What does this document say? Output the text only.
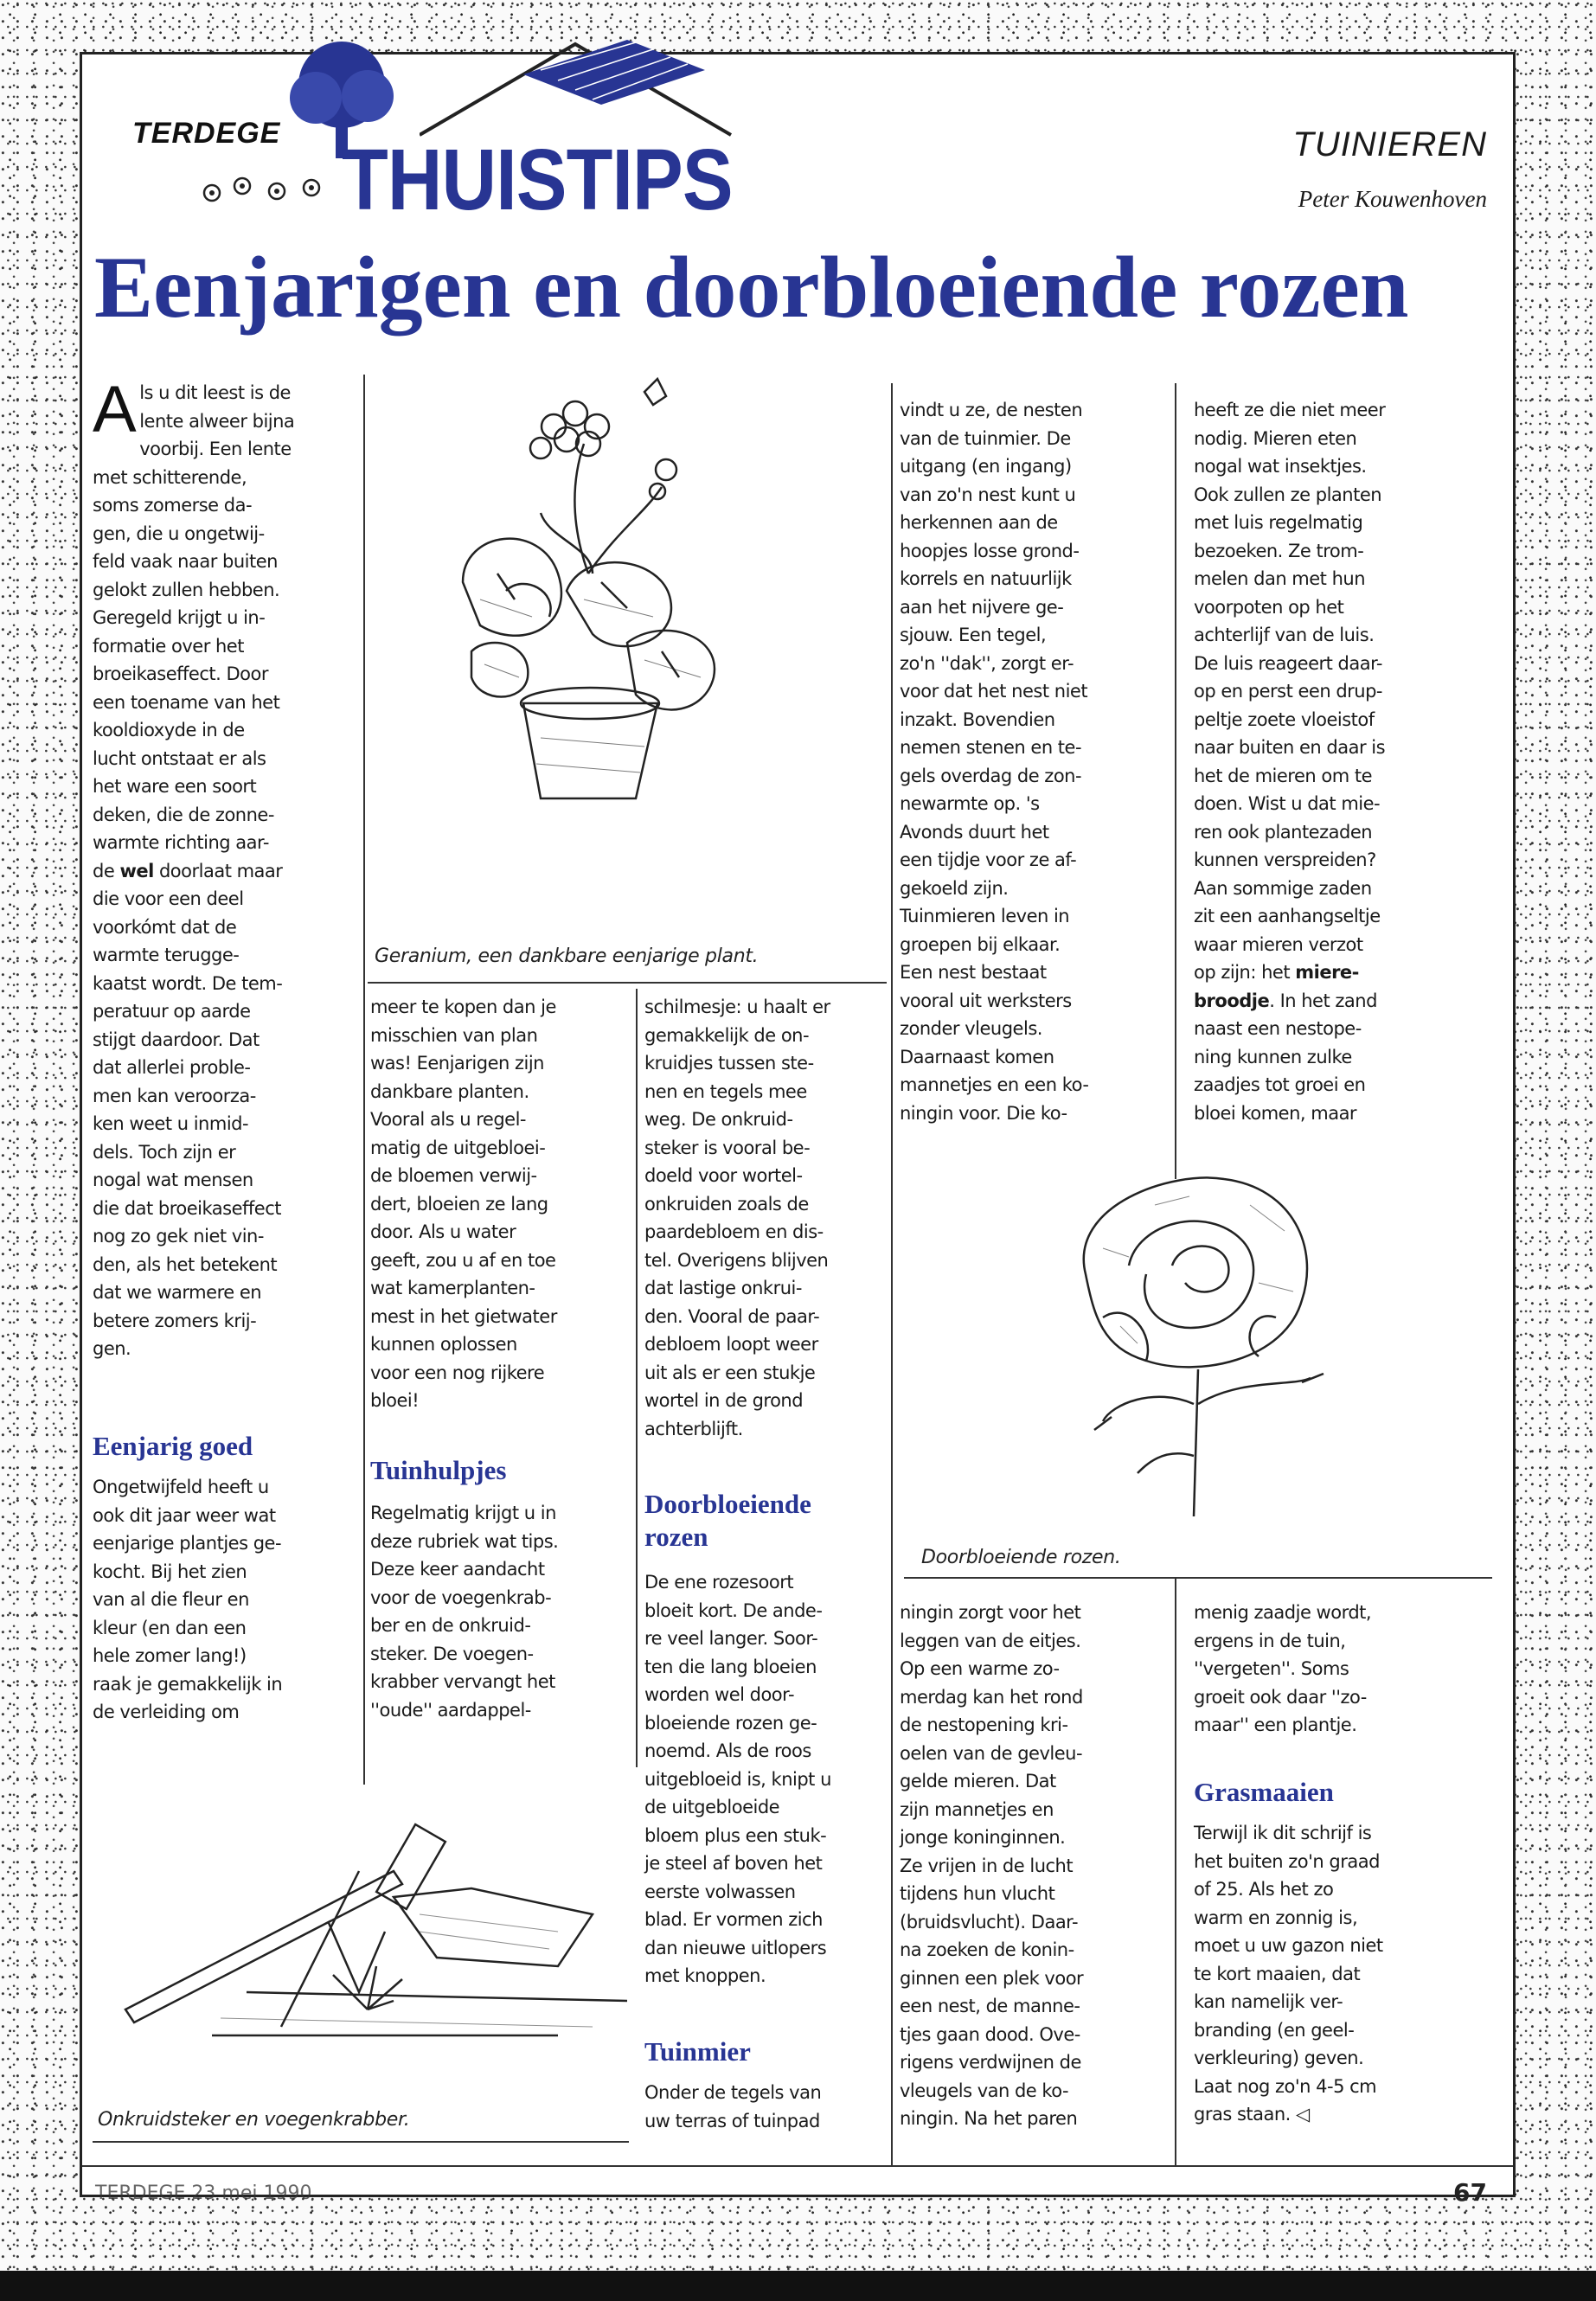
TERDEGE THUISTIPS	TUINIEREN
Peter Kouwenhoven
Eenjarigen en doorbloeiende rozen
Als u dit leest is de
lente alweer bijna
voorbij. Een lente
met schitterende,
soms zomerse da-
gen, die u ongetwij-
feld vaak naar buiten
gelokt zullen hebben.
Geregeld krijgt u in-
formatie over het
broeikaseffect. Door
een toename van het
kooldioxyde in de
lucht ontstaat er als
het ware een soort
deken, die de zonne-
warmte richting aar-
de wel doorlaat maar
die voor een deel
voorkómt dat de
warmte terugge-
kaatst wordt. De tem-
peratuur op aarde
stijgt daardoor. Dat
dat allerlei proble-
men kan veroorza-
ken weet u inmid-
dels. Toch zijn er
nogal wat mensen
die dat broeikaseffect
nog zo gek niet vin-
den, als het betekent
dat we warmere en
betere zomers krij-
gen.
Eenjarig goed
Ongetwijfeld heeft u
ook dit jaar weer wat
eenjarige plantjes ge-
kocht. Bij het zien
van al die fleur en
kleur (en dan een
hele zomer lang!)
raak je gemakkelijk in
de verleiding om
Geranium, een dankbare eenjarige plant.
meer te kopen dan je
misschien van plan
was! Eenjarigen zijn
dankbare planten.
Vooral als u regel-
matig de uitgebloei-
de bloemen verwij-
dert, bloeien ze lang
door. Als u water
geeft, zou u af en toe
wat kamerplanten-
mest in het gietwater
kunnen oplossen
voor een nog rijkere
bloei!
Tuinhulpjes
Regelmatig krijgt u in
deze rubriek wat tips.
Deze keer aandacht
voor de voegenkrab-
ber en de onkruid-
steker. De voegen-
krabber vervangt het
''oude'' aardappel-
schilmesje: u haalt er
gemakkelijk de on-
kruidjes tussen ste-
nen en tegels mee
weg. De onkruid-
steker is vooral be-
doeld voor wortel-
onkruiden zoals de
paardebloem en dis-
tel. Overigens blijven
dat lastige onkrui-
den. Vooral de paar-
debloem loopt weer
uit als er een stukje
wortel in de grond
achterblijft.
Doorbloeiende
rozen
De ene rozesoort
bloeit kort. De ande-
re veel langer. Soor-
ten die lang bloeien
worden wel door-
bloeiende rozen ge-
noemd. Als de roos
uitgebloeid is, knipt u
de uitgebloeide
bloem plus een stuk-
je steel af boven het
eerste volwassen
blad. Er vormen zich
dan nieuwe uitlopers
met knoppen.
Tuinmier
Onder de tegels van
uw terras of tuinpad
Onkruidsteker en voegenkrabber.
vindt u ze, de nesten
van de tuinmier. De
uitgang (en ingang)
van zo'n nest kunt u
herkennen aan de
hoopjes losse grond-
korrels en natuurlijk
aan het nijvere ge-
sjouw. Een tegel,
zo'n ''dak'', zorgt er-
voor dat het nest niet
inzakt. Bovendien
nemen stenen en te-
gels overdag de zon-
newarmte op. 's
Avonds duurt het
een tijdje voor ze af-
gekoeld zijn.
Tuinmieren leven in
groepen bij elkaar.
Een nest bestaat
vooral uit werksters
zonder vleugels.
Daarnaast komen
mannetjes en een ko-
ningin voor. Die ko-
heeft ze die niet meer
nodig. Mieren eten
nogal wat insektjes.
Ook zullen ze planten
met luis regelmatig
bezoeken. Ze trom-
melen dan met hun
voorpoten op het
achterlijf van de luis.
De luis reageert daar-
op en perst een drup-
peltje zoete vloeistof
naar buiten en daar is
het de mieren om te
doen. Wist u dat mie-
ren ook plantezaden
kunnen verspreiden?
Aan sommige zaden
zit een aanhangseltje
waar mieren verzot
op zijn: het miere-
broodje. In het zand
naast een nestope-
ning kunnen zulke
zaadjes tot groei en
bloei komen, maar
Doorbloeiende rozen.
ningin zorgt voor het
leggen van de eitjes.
Op een warme zo-
merdag kan het rond
de nestopening kri-
oelen van de gevleu-
gelde mieren. Dat
zijn mannetjes en
jonge koninginnen.
Ze vrijen in de lucht
tijdens hun vlucht
(bruidsvlucht). Daar-
na zoeken de konin-
ginnen een plek voor
een nest, de manne-
tjes gaan dood. Ove-
rigens verdwijnen de
vleugels van de ko-
ningin. Na het paren
menig zaadje wordt,
ergens in de tuin,
''vergeten''. Soms
groeit ook daar ''zo-
maar'' een plantje.
Grasmaaien
Terwijl ik dit schrijf is
het buiten zo'n graad
of 25. Als het zo
warm en zonnig is,
moet u uw gazon niet
te kort maaien, dat
kan namelijk ver-
branding (en geel-
verkleuring) geven.
Laat nog zo'n 4-5 cm
gras staan. ◁
TERDEGE 23 mei 1990	67
